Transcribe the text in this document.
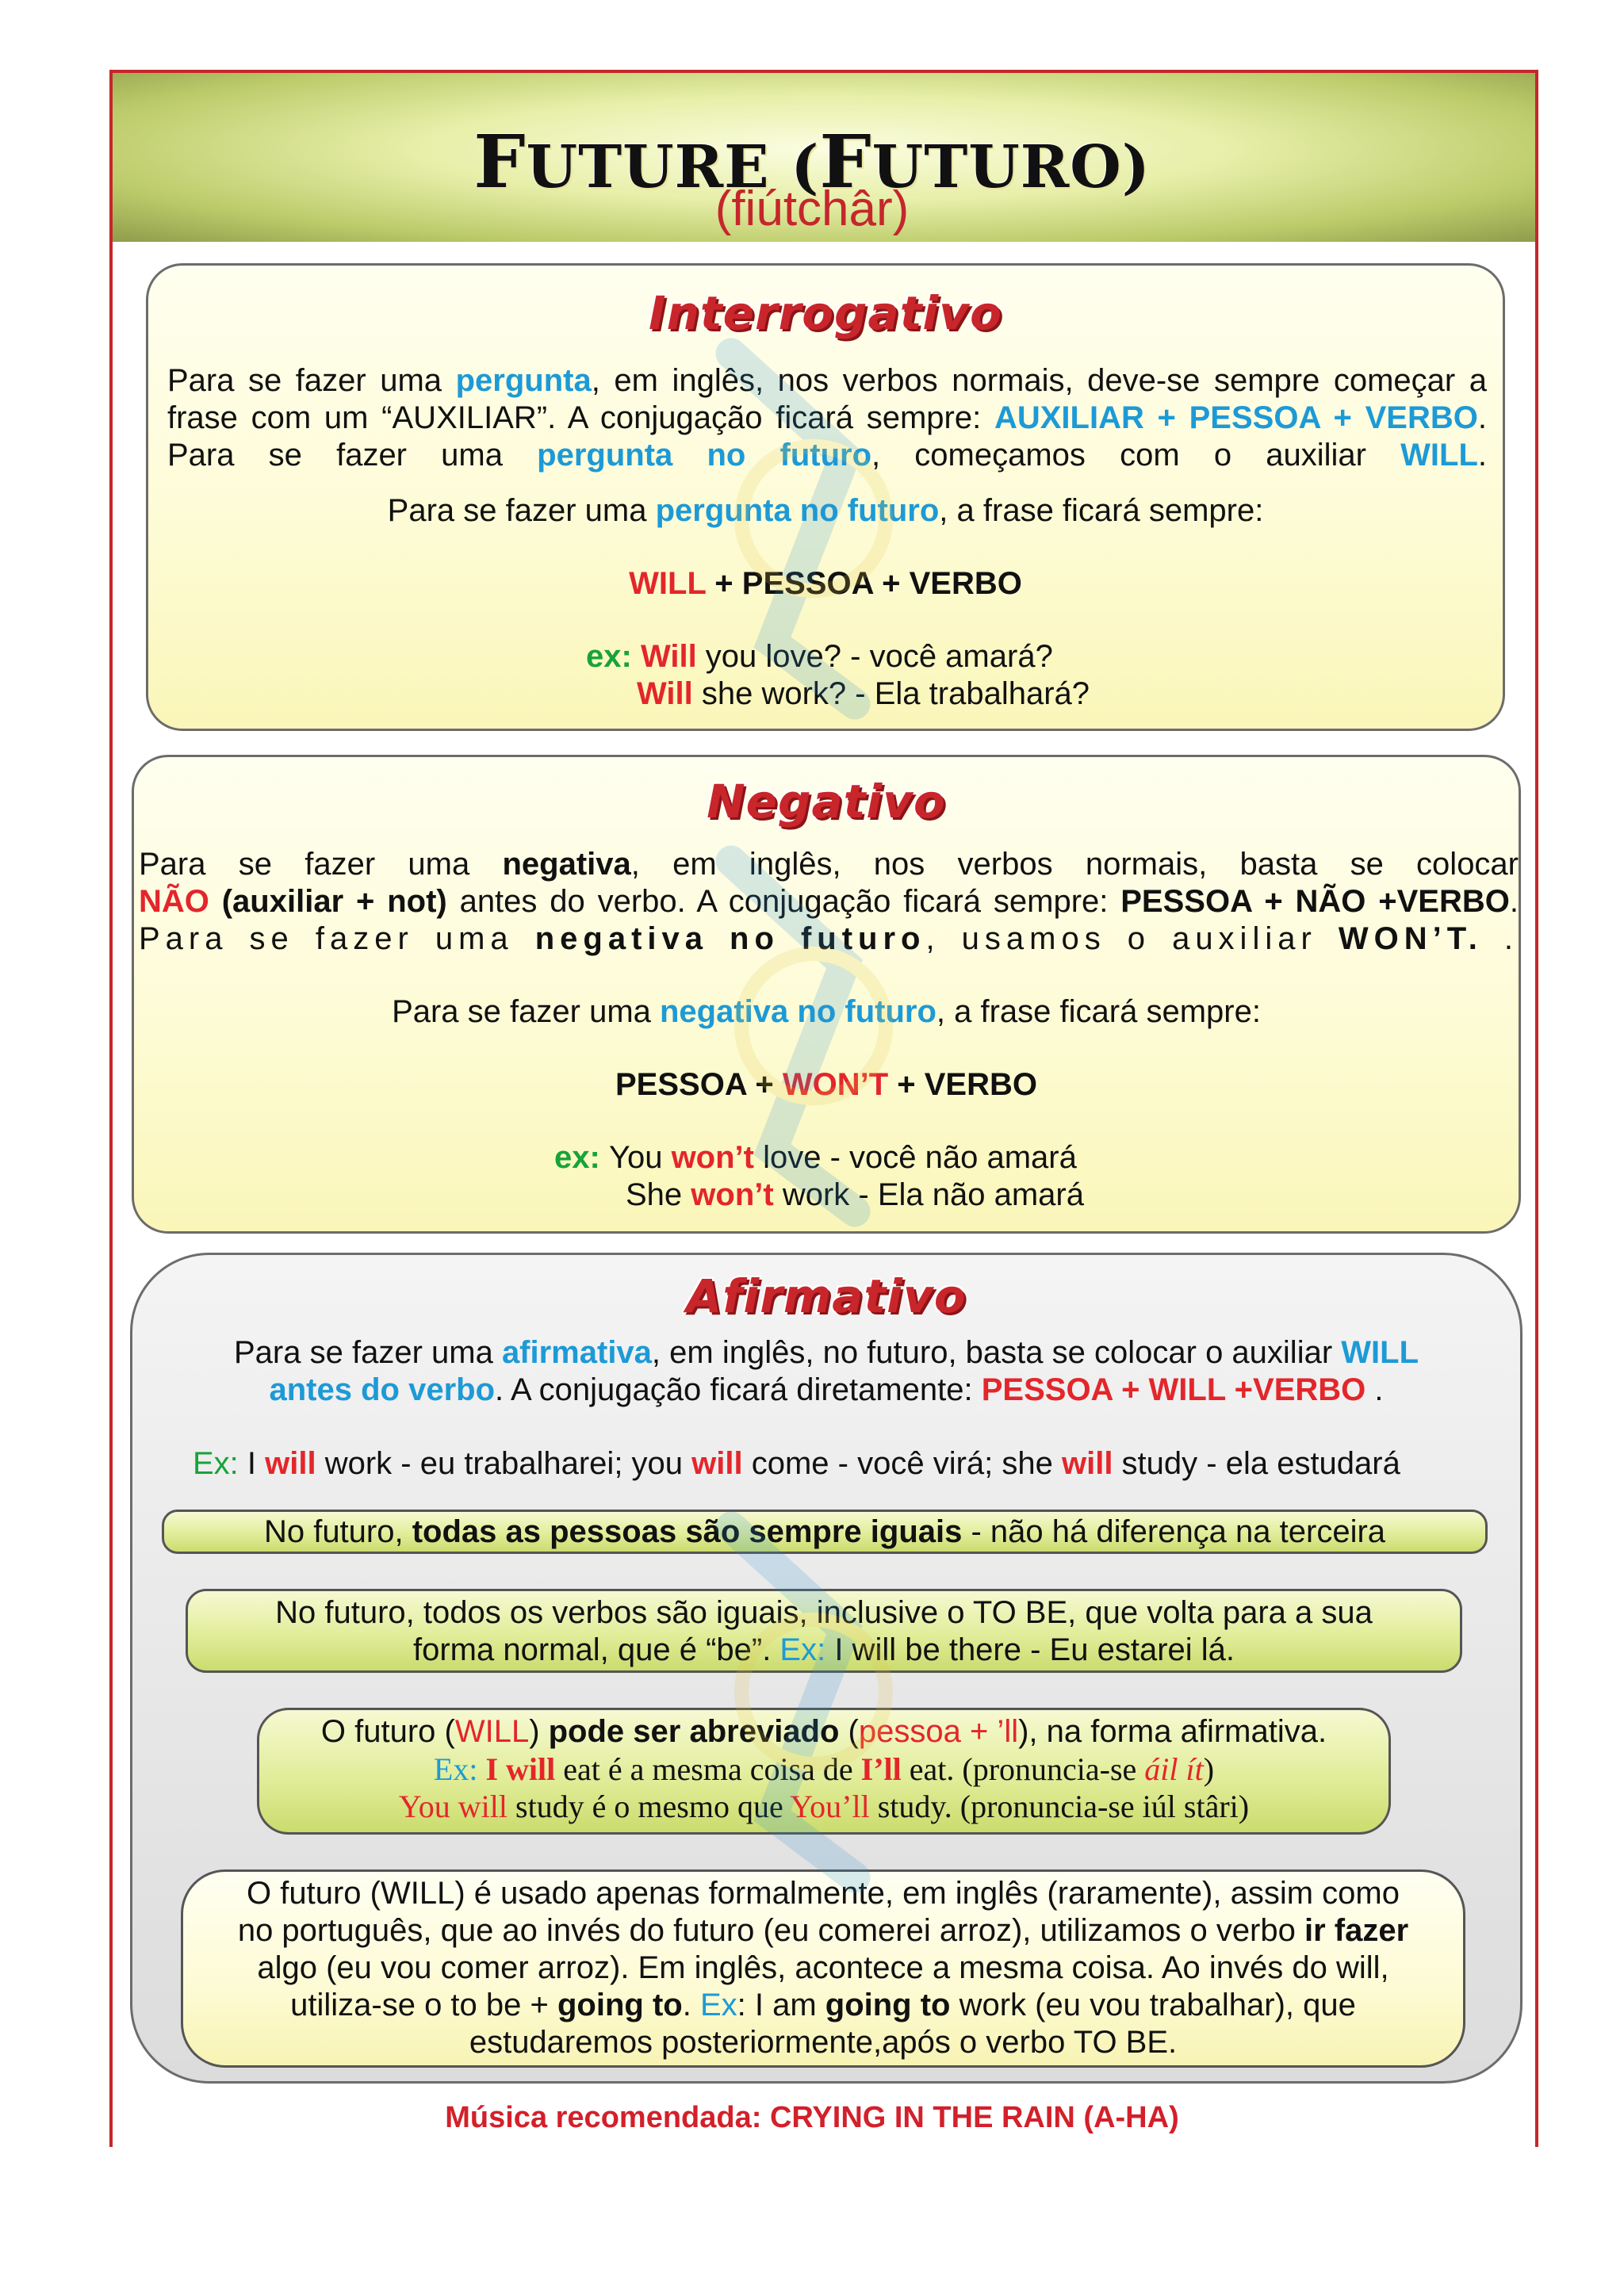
FUTURE (FUTURO)
(fiútchâr)
Interrogativo
Para se fazer uma pergunta, em inglês, nos verbos normais, deve-se sempre começar a
frase com um “AUXILIAR”. A conjugação ficará sempre: AUXILIAR + PESSOA + VERBO.
Para se fazer uma pergunta no futuro, começamos com o auxiliar WILL.
Para se fazer uma pergunta no futuro, a frase ficará sempre:
WILL + PESSOA + VERBO
ex: Will you love? - você amará?
Will she work? - Ela trabalhará?
Negativo
Para se fazer uma negativa, em inglês, nos verbos normais, basta se colocar
NÃO (auxiliar + not) antes do verbo. A conjugação ficará sempre: PESSOA + NÃO +VERBO.
Para se fazer uma negativa no futuro, usamos o auxiliar WON’T. .
Para se fazer uma negativa no futuro, a frase ficará sempre:
PESSOA + WON’T + VERBO
ex: You won’t love - você não amará
She won’t work - Ela não amará
Afirmativo
Para se fazer uma afirmativa, em inglês, no futuro, basta se colocar o auxiliar WILL
antes do verbo. A conjugação ficará diretamente: PESSOA + WILL +VERBO .
Ex: I will work - eu trabalharei; you will come - você virá; she will study - ela estudará
No futuro, todas as pessoas são sempre iguais - não há diferença na terceira
No futuro, todos os verbos são iguais, inclusive o TO BE, que volta para a sua
forma normal, que é “be”. Ex: I will be there - Eu estarei lá.
O futuro (WILL) pode ser abreviado (pessoa + ’ll), na forma afirmativa.
Ex: I will eat é a mesma coisa de I’ll eat. (pronuncia-se áil ít)
You will study é o mesmo que You’ll study. (pronuncia-se iúl stâri)
O futuro (WILL) é usado apenas formalmente, em inglês (raramente), assim como
no português, que ao invés do futuro (eu comerei arroz), utilizamos o verbo ir fazer
algo (eu vou comer arroz). Em inglês, acontece a mesma coisa. Ao invés do will,
utiliza-se o to be + going to. Ex: I am going to work (eu vou trabalhar), que
estudaremos posteriormente,após o verbo TO BE.
Música recomendada: CRYING IN THE RAIN (A-HA)
